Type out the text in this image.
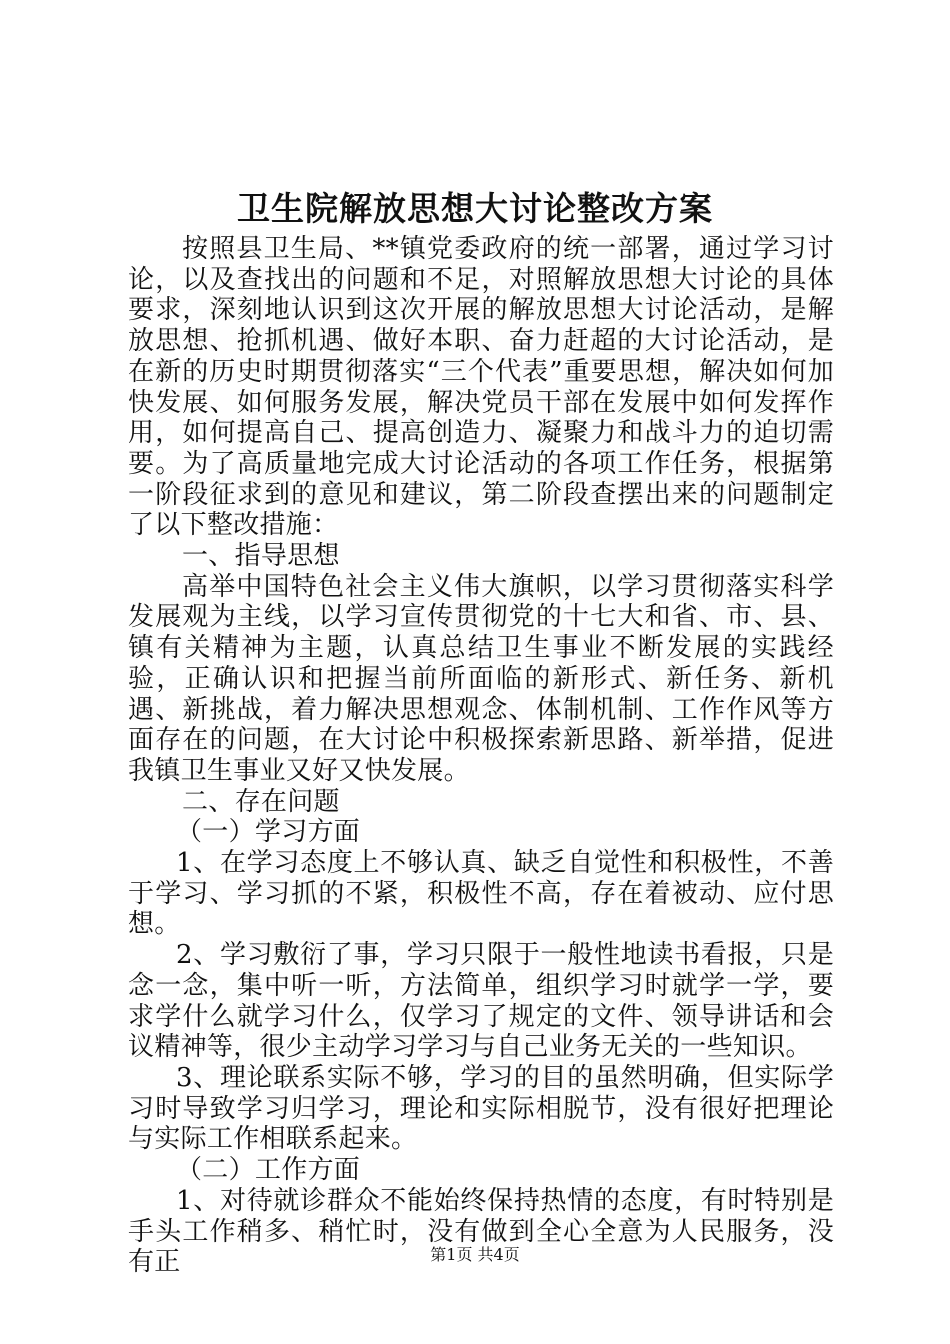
卫生院解放思想大讨论整改方案

按照县卫生局、**镇党委政府的统一部署，通过学习讨论，以及查找出的问题和不足，对照解放思想大讨论的具体要求，深刻地认识到这次开展的解放思想大讨论活动，是解放思想、抢抓机遇、做好本职、奋力赶超的大讨论活动，是在新的历史时期贯彻落实“三个代表”重要思想，解决如何加快发展、如何服务发展，解决党员干部在发展中如何发挥作用，如何提高自己、提高创造力、凝聚力和战斗力的迫切需要。为了高质量地完成大讨论活动的各项工作任务，根据第一阶段征求到的意见和建议，第二阶段查摆出来的问题制定了以下整改措施：

一、指导思想

高举中国特色社会主义伟大旗帜，以学习贯彻落实科学发展观为主线，以学习宣传贯彻党的十七大和省、市、县、镇有关精神为主题，认真总结卫生事业不断发展的实践经验，正确认识和把握当前所面临的新形式、新任务、新机遇、新挑战，着力解决思想观念、体制机制、工作作风等方面存在的问题，在大讨论中积极探索新思路、新举措，促进我镇卫生事业又好又快发展。

二、存在问题

（一）学习方面

1、在学习态度上不够认真、缺乏自觉性和积极性，不善于学习、学习抓的不紧，积极性不高，存在着被动、应付思想。

2、学习敷衍了事，学习只限于一般性地读书看报，只是念一念，集中听一听，方法简单，组织学习时就学一学，要求学什么就学习什么，仅学习了规定的文件、领导讲话和会议精神等，很少主动学习学习与自己业务无关的一些知识。

3、理论联系实际不够，学习的目的虽然明确，但实际学习时导致学习归学习，理论和实际相脱节，没有很好把理论与实际工作相联系起来。

（二）工作方面

1、对待就诊群众不能始终保持热情的态度，有时特别是手头工作稍多、稍忙时，没有做到全心全意为人民服务，没有正	第1页 共4页
